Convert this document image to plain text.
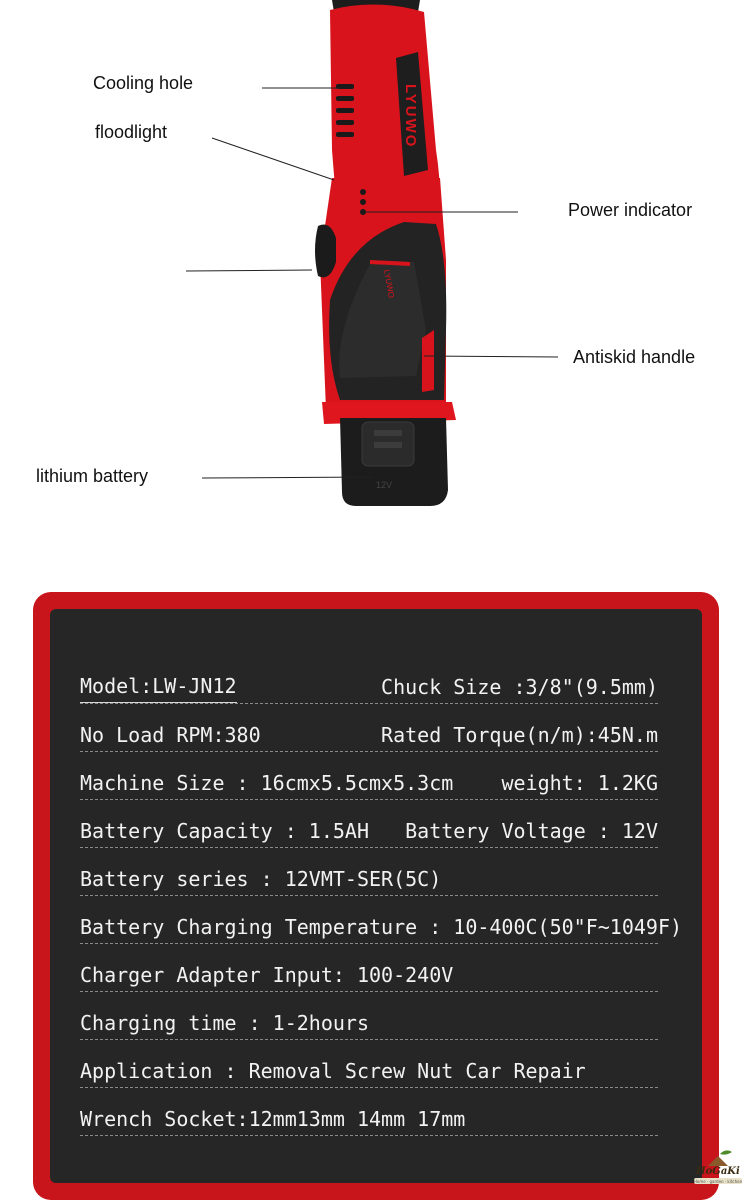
LYUWO
LYUWO
12V
Cooling hole
floodlight
Power indicator
Antiskid handle
lithium battery
Model:LW-JN12	Chuck Size :3/8"(9.5mm)
No Load RPM:380	Rated Torque(n/m):45N.m
Machine Size : 16cmx5.5cmx5.3cm weight: 1.2KG
Battery Capacity : 1.5AH Battery Voltage : 12V
Battery series : 12VMT-SER(5C)
Battery Charging Temperature : 10-400C(50"F~1049F)
Charger Adapter Input: 100-240V
Charging time : 1-2hours
Application : Removal Screw Nut Car Repair
Wrench Socket:12mm13mm 14mm 17mm
HoGaKi
Home · garden · kitchen
